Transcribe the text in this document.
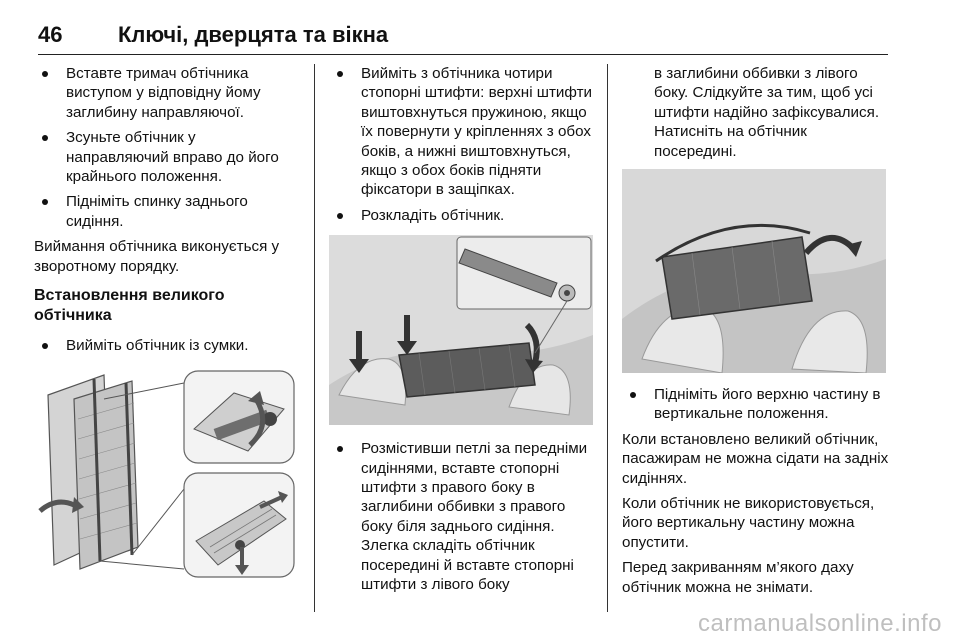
46	Ключі, дверцята та вікна
Вставте тримач обтічника виступом у відповідну йому заглибину направляючої.
Зсуньте обтічник у направляючий вправо до його крайнього положення.
Підніміть спинку заднього сидіння.

Виймання обтічника виконується у зворотному порядку.

Встановлення великого обтічника
Вийміть обтічник із сумки.
Вийміть з обтічника чотири стопорні штифти: верхні штифти виштовхнуться пружиною, якщо їх повернути у кріпленнях з обох боків, а нижні виштовхнуться, якщо з обох боків підняти фіксатори в защіпках.
Розкладіть обтічник.
Розмістивши петлі за передніми сидіннями, вставте стопорні штифти з правого боку в заглибини оббивки з правого боку біля заднього сидіння. Злегка складіть обтічник посередині й вставте стопорні штифти з лівого боку

в заглибини оббивки з лівого боку. Слідкуйте за тим, щоб усі штифти надійно зафіксувалися. Натисніть на обтічник посередині.

Підніміть його верхню частину в вертикальне положення.

Коли встановлено великий обтічник, пасажирам не можна сідати на задніх сидіннях.

Коли обтічник не використовується, його вертикальну частину можна опустити.

Перед закриванням м’якого даху обтічник можна не знімати.

carmanualsonline.info
